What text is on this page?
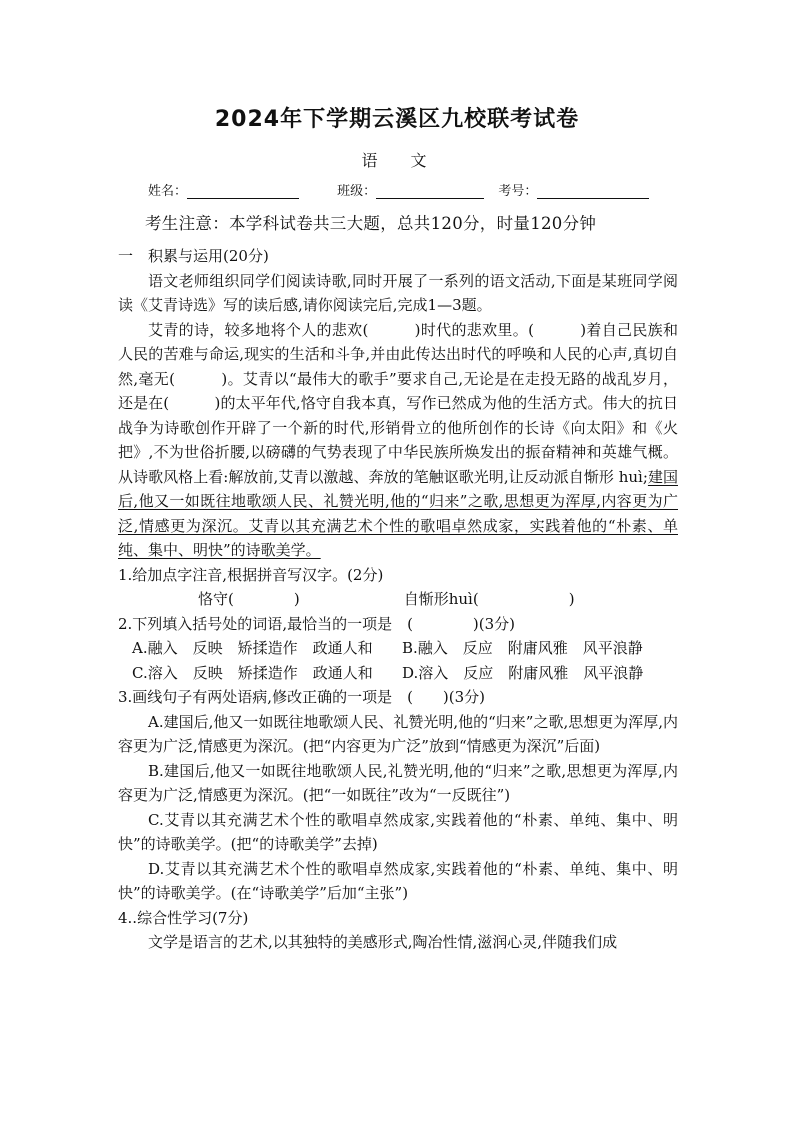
2024年下学期云溪区九校联考试卷
语 文
姓名：	班级：	考号：
考生注意：本学科试卷共三大题，总共120分，时量120分钟

一　积累与运用(20分)

语文老师组织同学们阅读诗歌,同时开展了一系列的语文活动,下面是某班同学阅读《艾青诗选》写的读后感,请你阅读完后,完成1—3题。

艾青的诗，较多地将个人的悲欢(　　　)时代的悲欢里。(　　　)着自己民族和人民的苦难与命运,现实的生活和斗争,并由此传达出时代的呼唤和人民的心声,真切自然,毫无(　　　)。艾青以“最伟大的歌手”要求自己,无论是在走投无路的战乱岁月，还是在(　　　)的太平年代,恪守自我本真，写作已然成为他的生活方式。伟大的抗日战争为诗歌创作开辟了一个新的时代,形销骨立的他所创作的长诗《向太阳》和《火把》,不为世俗折腰,以磅礴的气势表现了中华民族所焕发出的振奋精神和英雄气概。从诗歌风格上看:解放前,艾青以激越、奔放的笔触讴歌光明,让反动派自惭形 huì;建国后,他又一如既往地歌颂人民、礼赞光明,他的“归来”之歌,思想更为浑厚,内容更为广泛,情感更为深沉。艾青以其充满艺术个性的歌唱卓然成家，实践着他的“朴素、单纯、集中、明快”的诗歌美学。

1.给加点字注音,根据拼音写汉字。(2分)

恪守(　　　　)	自惭形huì(　　　　　　)

2.下列填入括号处的词语,最恰当的一项是　(　　　　)(3分)

A.融入　反映　矫揉造作　政通人和 B.融入　反应　附庸风雅　风平浪静

C.溶入　反映　矫揉造作　政通人和 D.溶入　反应　附庸风雅　风平浪静

3.画线句子有两处语病,修改正确的一项是　(　　)(3分)

A.建国后,他又一如既往地歌颂人民、礼赞光明,他的“归来”之歌,思想更为浑厚,内容更为广泛,情感更为深沉。(把“内容更为广泛”放到“情感更为深沉”后面)

B.建国后,他又一如既往地歌颂人民,礼赞光明,他的“归来”之歌,思想更为浑厚,内容更为广泛,情感更为深沉。(把“一如既往”改为“一反既往”)

C.艾青以其充满艺术个性的歌唱卓然成家,实践着他的“朴素、单纯、集中、明快”的诗歌美学。(把“的诗歌美学”去掉)

D.艾青以其充满艺术个性的歌唱卓然成家,实践着他的“朴素、单纯、集中、明快”的诗歌美学。(在“诗歌美学”后加“主张”)

4..综合性学习(7分)

文学是语言的艺术,以其独特的美感形式,陶冶性情,滋润心灵,伴随我们成
